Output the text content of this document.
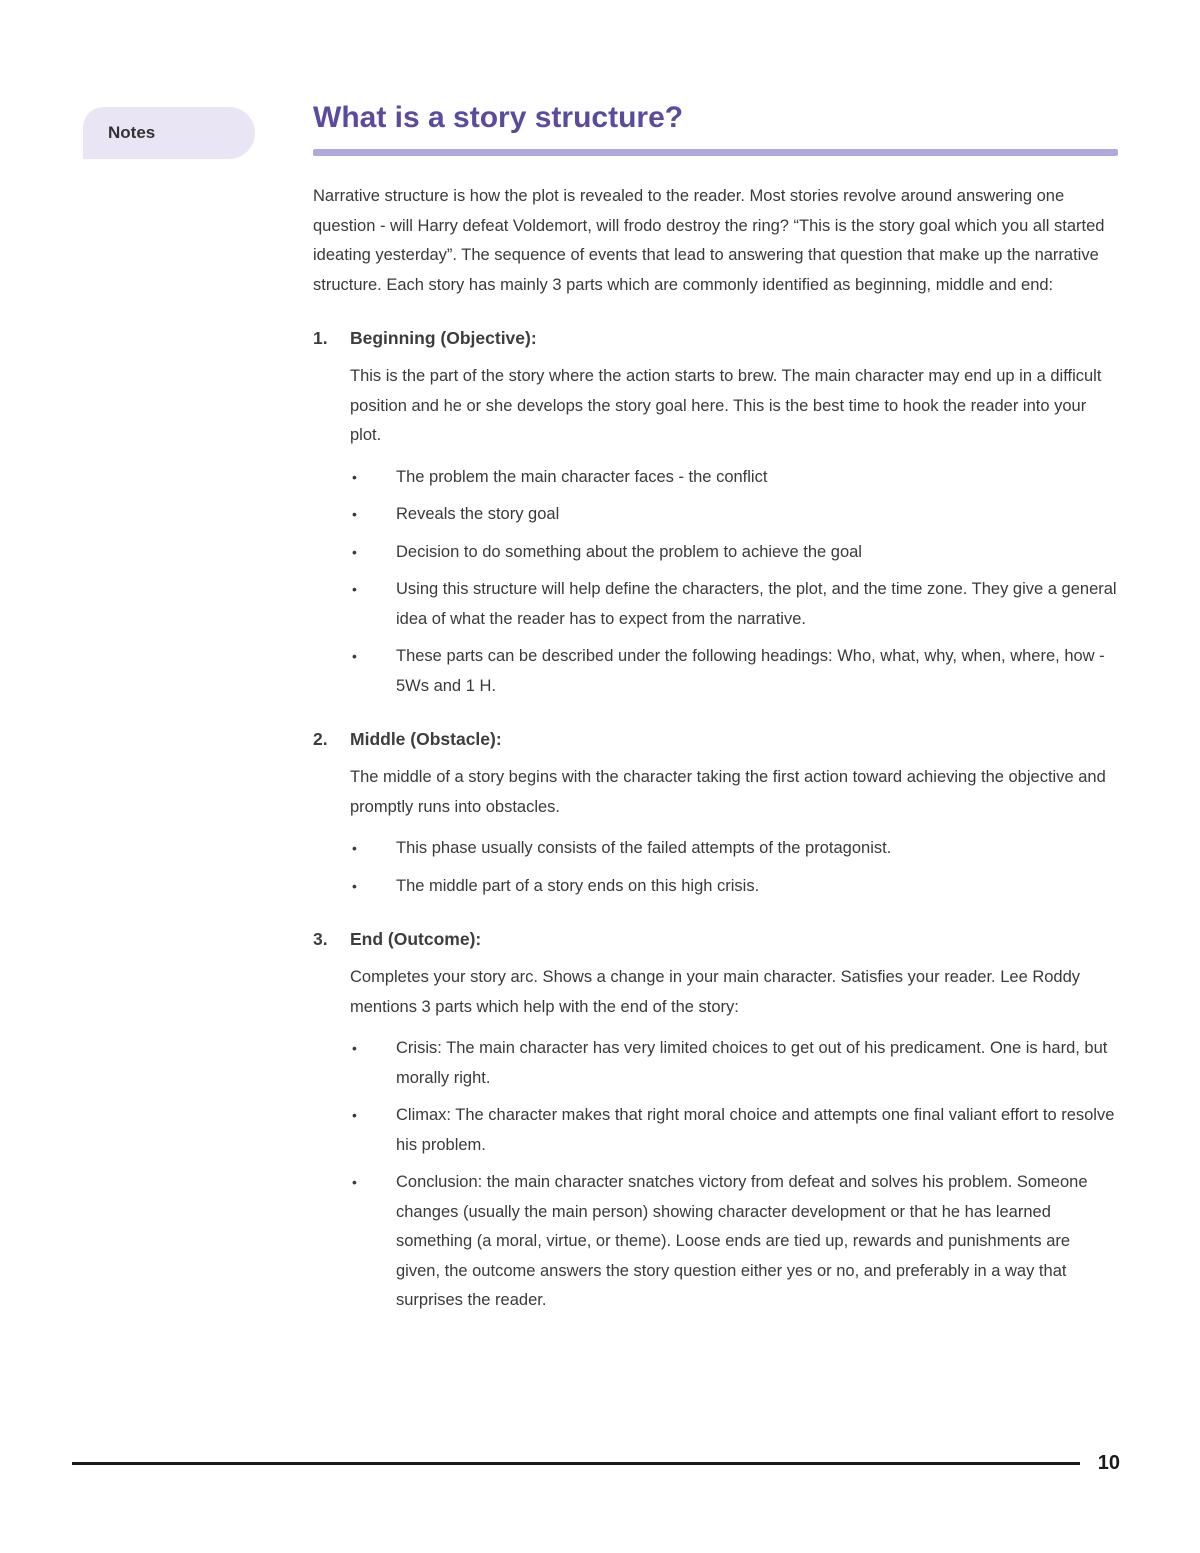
Notes	What is a story structure?

Narrative structure is how the plot is revealed to the reader. Most stories revolve around answering one question - will Harry defeat Voldemort, will frodo destroy the ring? “This is the story goal which you all started ideating yesterday”. The sequence of events that lead to answering that question that make up the narrative structure. Each story has mainly 3 parts which are commonly identified as beginning, middle and end:

1.	Beginning (Objective):

This is the part of the story where the action starts to brew. The main character may end up in a difficult position and he or she develops the story goal here. This is the best time to hook the reader into your plot.

• The problem the main character faces - the conflict
• Reveals the story goal
• Decision to do something about the problem to achieve the goal
• Using this structure will help define the characters, the plot, and the time zone. They give a general idea of what the reader has to expect from the narrative.
• These parts can be described under the following headings: Who, what, why, when, where, how - 5Ws and 1 H.
2.	Middle (Obstacle):

The middle of a story begins with the character taking the first action toward achieving the objective and promptly runs into obstacles.

• This phase usually consists of the failed attempts of the protagonist.
• The middle part of a story ends on this high crisis.
3.	End (Outcome):

Completes your story arc. Shows a change in your main character. Satisfies your reader. Lee Roddy mentions 3 parts which help with the end of the story:

• Crisis: The main character has very limited choices to get out of his predicament. One is hard, but morally right.
• Climax: The character makes that right moral choice and attempts one final valiant effort to resolve his problem.
• Conclusion: the main character snatches victory from defeat and solves his problem. Someone changes (usually the main person) showing character development or that he has learned something (a moral, virtue, or theme). Loose ends are tied up, rewards and punishments are given, the outcome answers the story question either yes or no, and preferably in a way that surprises the reader.
10
